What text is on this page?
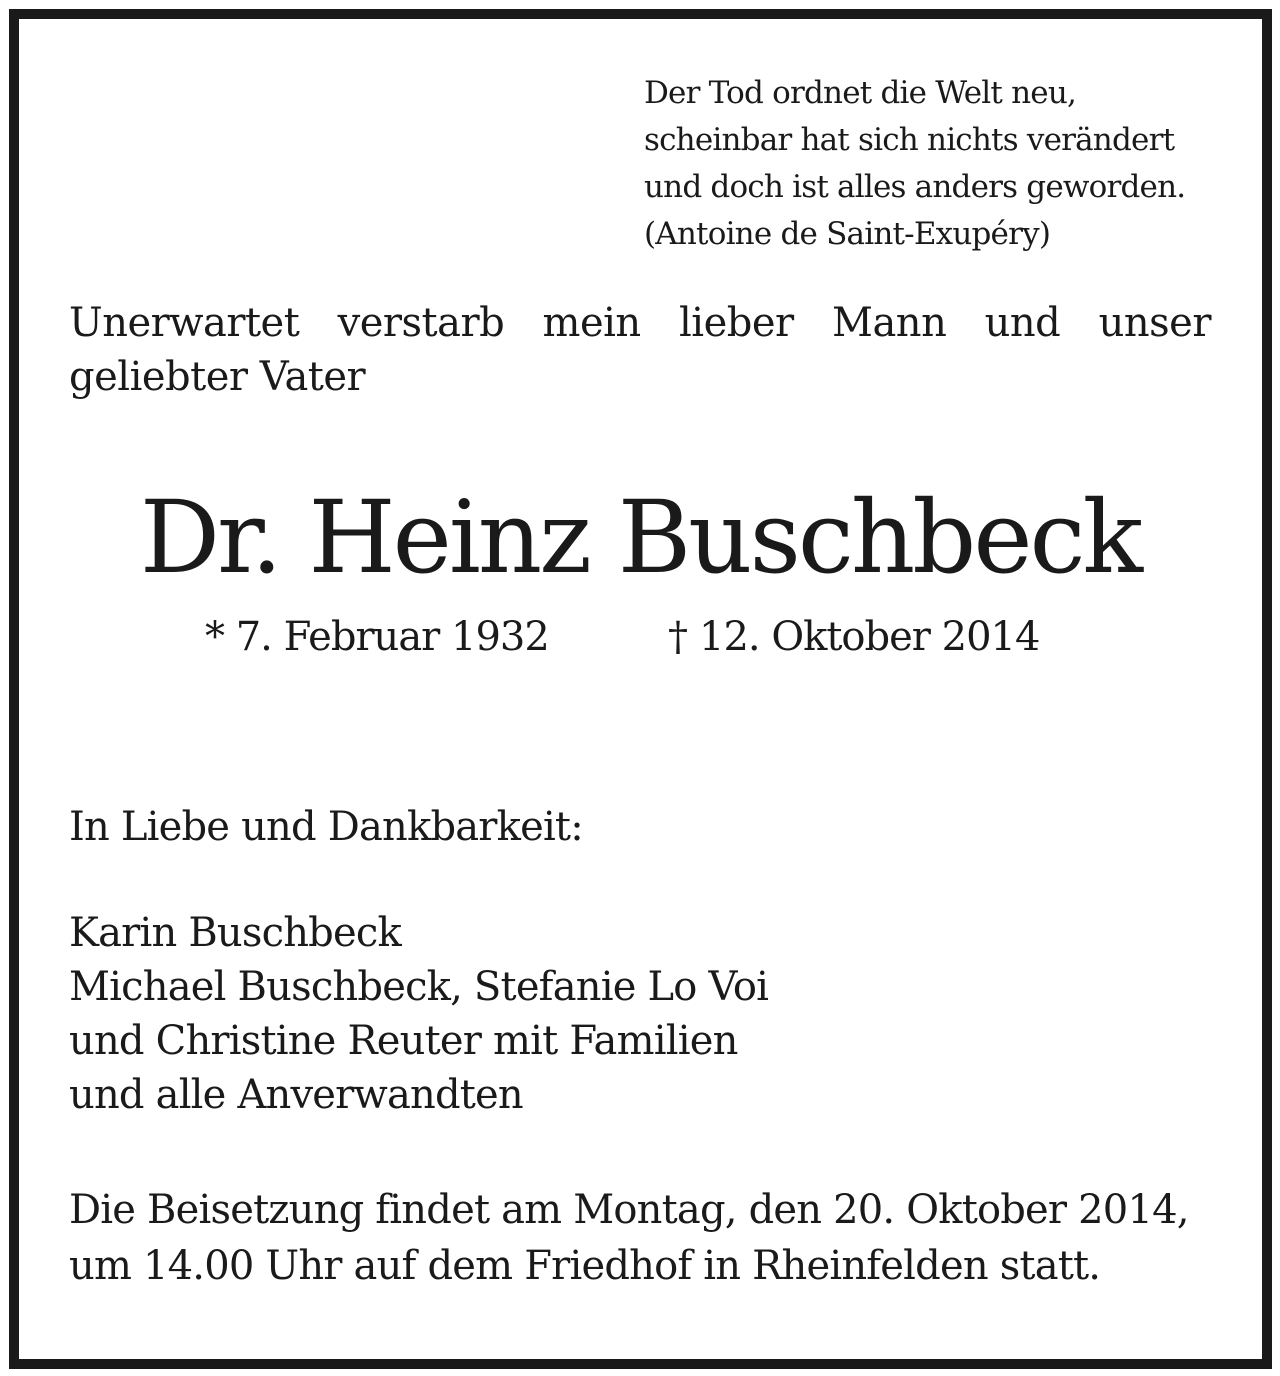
Der Tod ordnet die Welt neu,
scheinbar hat sich nichts verändert
und doch ist alles anders geworden.
(Antoine de Saint-Exupéry)
Unerwartet verstarb mein lieber Mann und unser
geliebter Vater
Dr. Heinz Buschbeck
* 7. Februar 1932	† 12. Oktober 2014
In Liebe und Dankbarkeit:
Karin Buschbeck
Michael Buschbeck, Stefanie Lo Voi
und Christine Reuter mit Familien
und alle Anverwandten
Die Beisetzung findet am Montag, den 20. Oktober 2014,
um 14.00 Uhr auf dem Friedhof in Rheinfelden statt.
